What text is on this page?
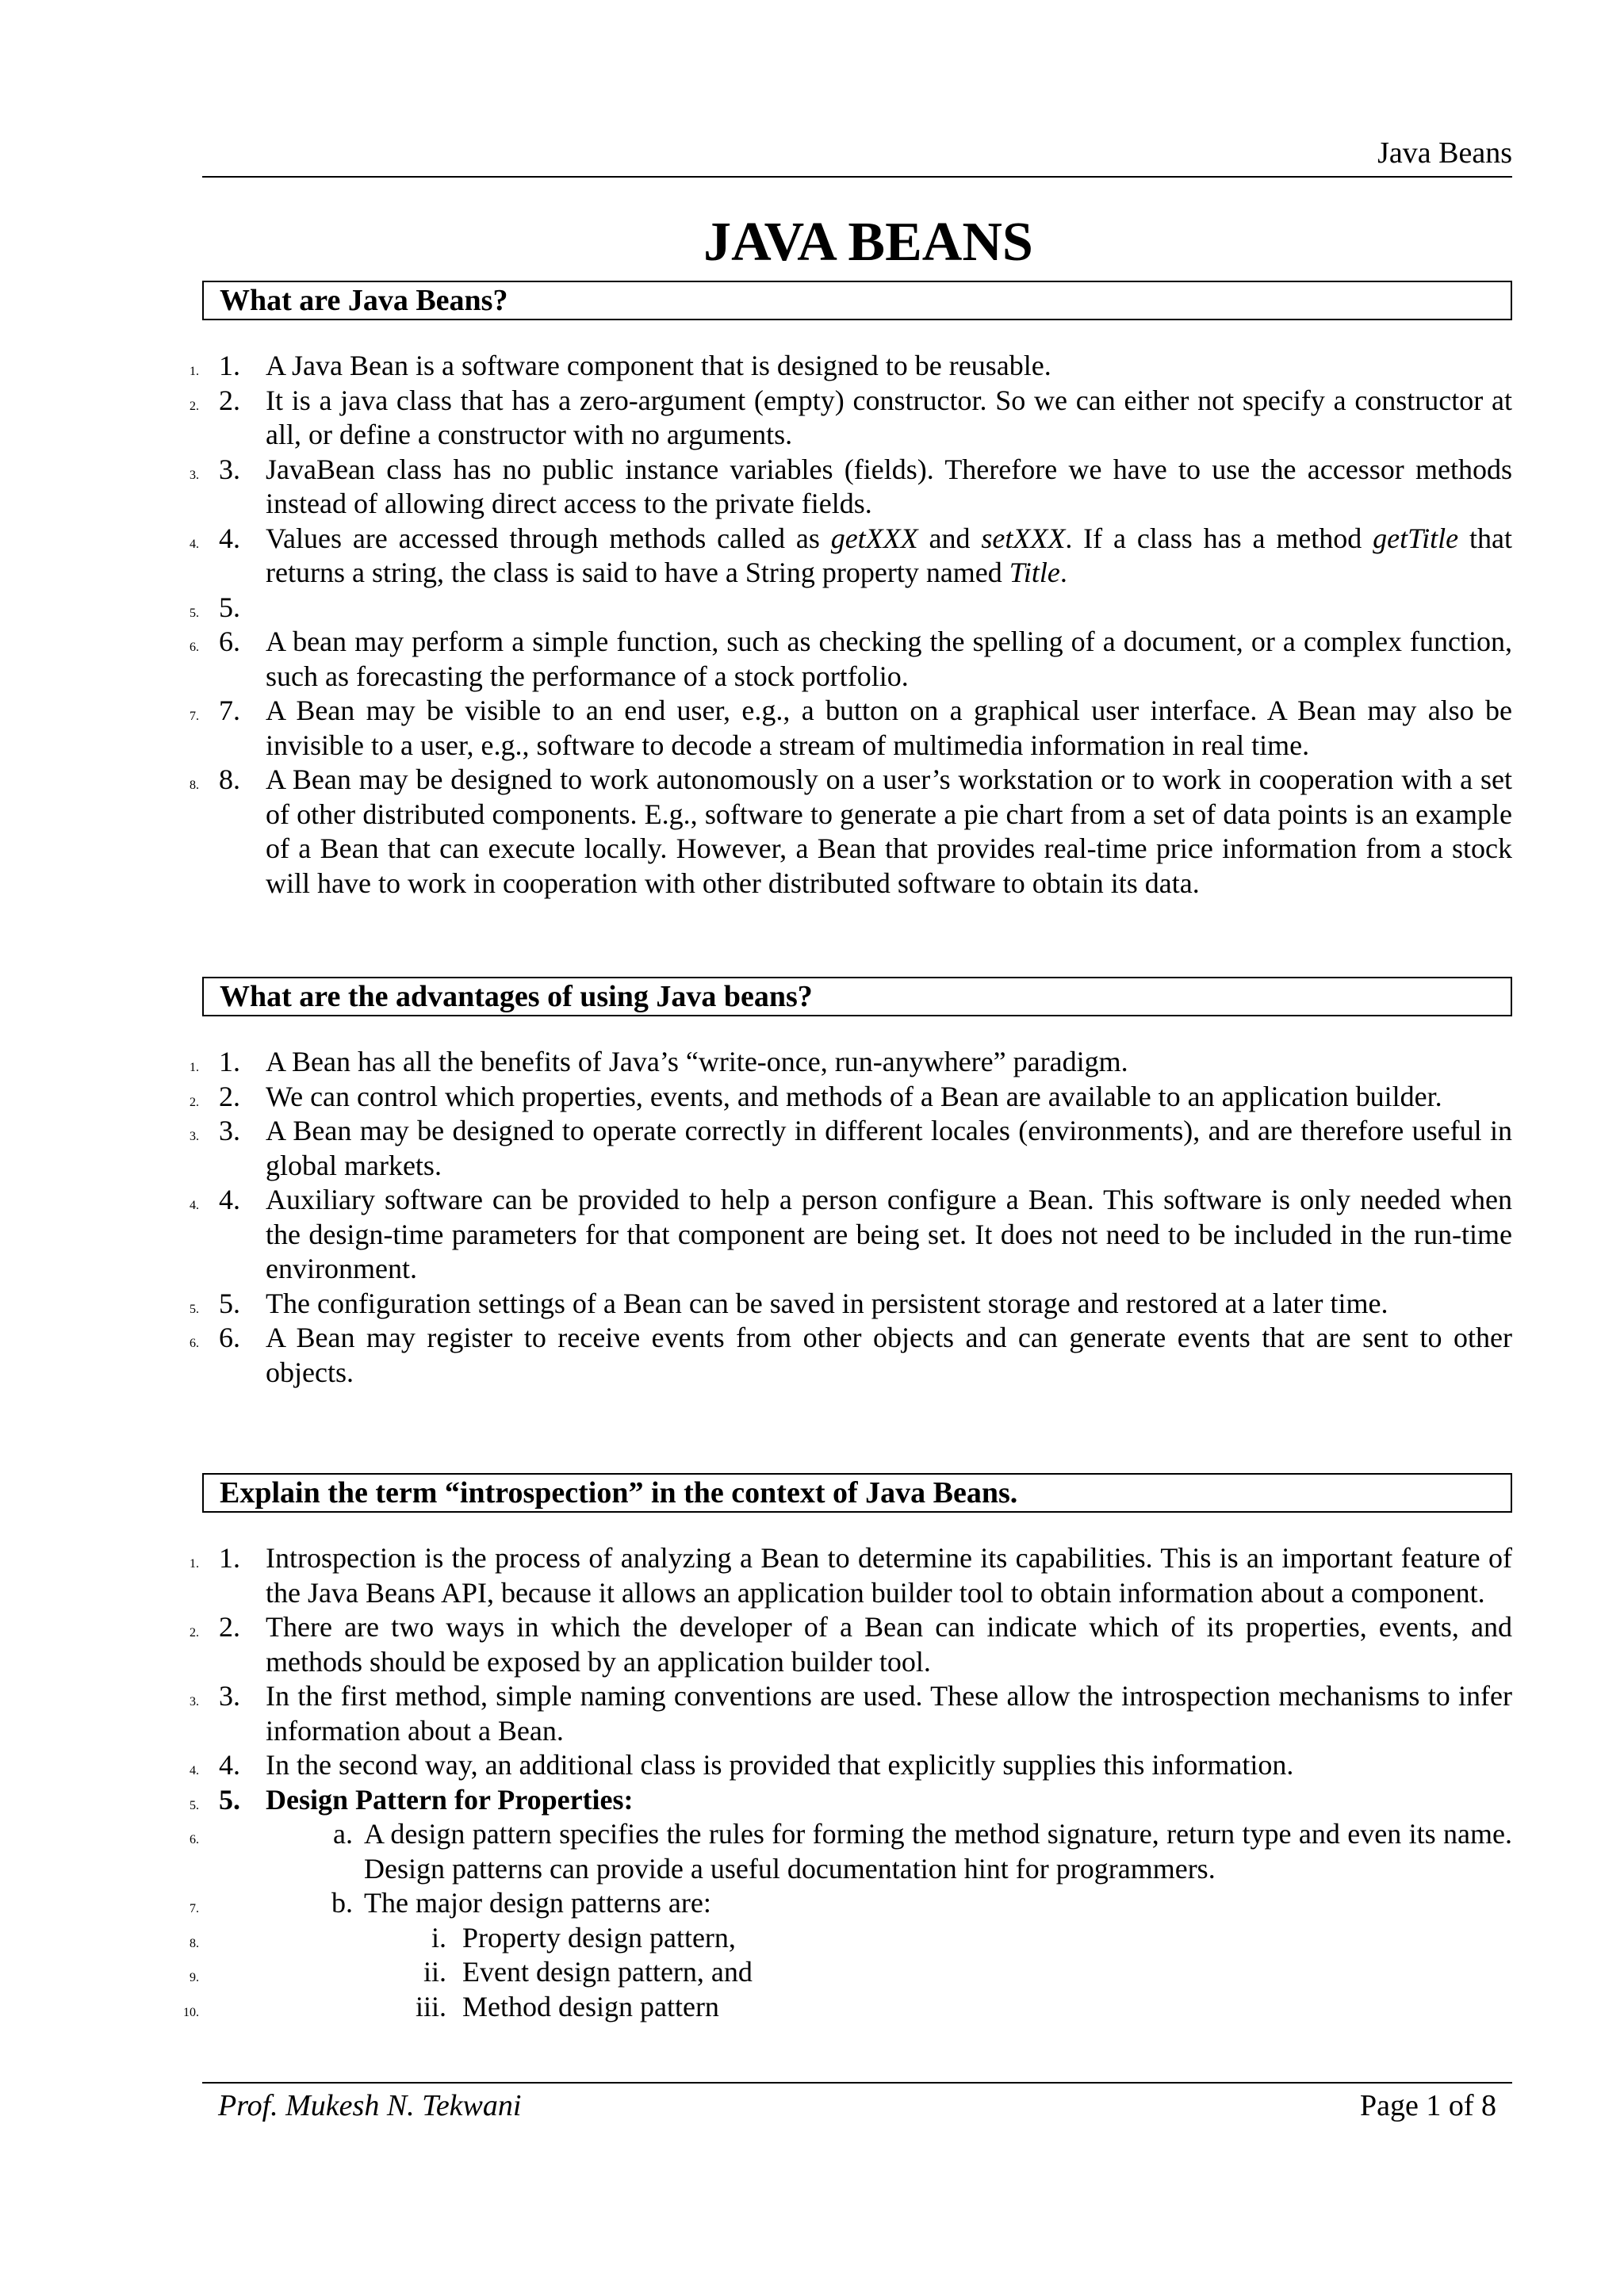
Java Beans
JAVA BEANS
What are Java Beans?
1. 1. A Java Bean is a software component that is designed to be reusable.
2. 2. It is a java class that has a zero-argument (empty) constructor. So we can either not specify a constructor at all, or define a constructor with no arguments.
3. 3. JavaBean class has no public instance variables (fields). Therefore we have to use the accessor methods instead of allowing direct access to the private fields.
4. 4. Values are accessed through methods called as getXXX and setXXX. If a class has a method getTitle that returns a string, the class is said to have a String property named Title.
5. 5.

6. 6. A bean may perform a simple function, such as checking the spelling of a document, or a complex function, such as forecasting the performance of a stock portfolio.
7. 7. A Bean may be visible to an end user, e.g., a button on a graphical user interface. A Bean may also be invisible to a user, e.g., software to decode a stream of multimedia information in real time.
8. 8. A Bean may be designed to work autonomously on a user’s workstation or to work in cooperation with a set of other distributed components. E.g., software to generate a pie chart from a set of data points is an example of a Bean that can execute locally. However, a Bean that provides real-time price information from a stock will have to work in cooperation with other distributed software to obtain its data.
What are the advantages of using Java beans?
1. 1. A Bean has all the benefits of Java’s “write-once, run-anywhere” paradigm.
2. 2. We can control which properties, events, and methods of a Bean are available to an application builder.
3. 3. A Bean may be designed to operate correctly in different locales (environments), and are therefore useful in global markets.
4. 4. Auxiliary software can be provided to help a person configure a Bean. This software is only needed when the design-time parameters for that component are being set. It does not need to be included in the run-time environment.
5. 5. The configuration settings of a Bean can be saved in persistent storage and restored at a later time.
6. 6. A Bean may register to receive events from other objects and can generate events that are sent to other objects.
Explain the term “introspection” in the context of Java Beans.
1. 1. Introspection is the process of analyzing a Bean to determine its capabilities. This is an important feature of the Java Beans API, because it allows an application builder tool to obtain information about a component.
2. 2. There are two ways in which the developer of a Bean can indicate which of its properties, events, and methods should be exposed by an application builder tool.
3. 3. In the first method, simple naming conventions are used. These allow the introspection mechanisms to infer information about a Bean.
4. 4. In the second way, an additional class is provided that explicitly supplies this information.
5. 5. Design Pattern for Properties:
6. a. A design pattern specifies the rules for forming the method signature, return type and even its name. Design patterns can provide a useful documentation hint for programmers.
7. b. The major design patterns are:
8. i. Property design pattern,
9. ii. Event design pattern, and
10. iii. Method design pattern
Prof. Mukesh N. Tekwani	Page 1 of 8
